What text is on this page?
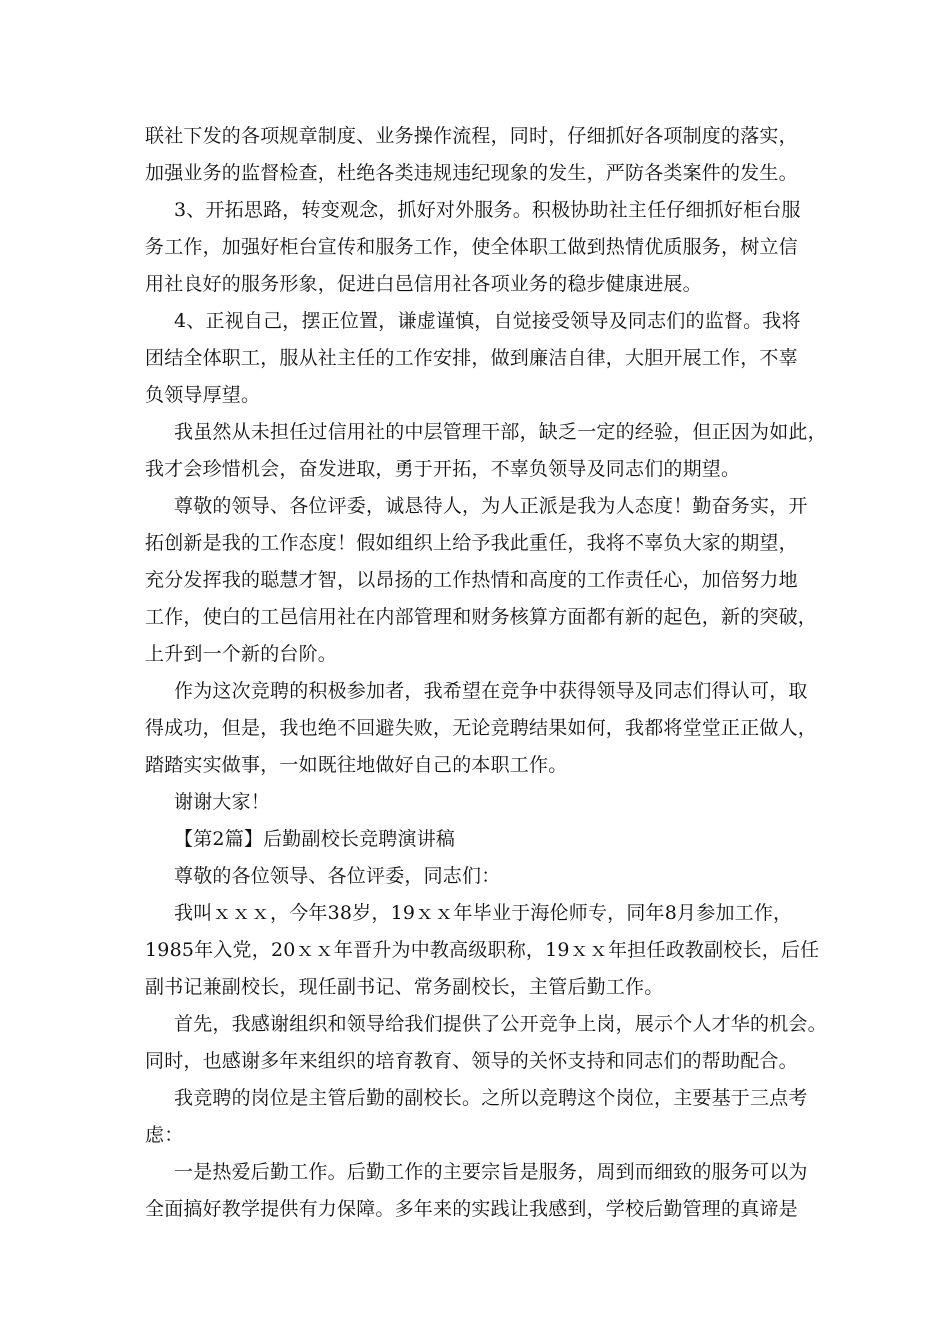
联社下发的各项规章制度、业务操作流程，同时，仔细抓好各项制度的落实，
加强业务的监督检查，杜绝各类违规违纪现象的发生，严防各类案件的发生。
3、开拓思路，转变观念，抓好对外服务。积极协助社主任仔细抓好柜台服
务工作，加强好柜台宣传和服务工作，使全体职工做到热情优质服务，树立信
用社良好的服务形象，促进白邑信用社各项业务的稳步健康进展。
4、正视自己，摆正位置，谦虚谨慎，自觉接受领导及同志们的监督。我将
团结全体职工，服从社主任的工作安排，做到廉洁自律，大胆开展工作，不辜
负领导厚望。
我虽然从未担任过信用社的中层管理干部，缺乏一定的经验，但正因为如此，
我才会珍惜机会，奋发进取，勇于开拓，不辜负领导及同志们的期望。
尊敬的领导、各位评委，诚恳待人，为人正派是我为人态度！勤奋务实，开
拓创新是我的工作态度！假如组织上给予我此重任，我将不辜负大家的期望，
充分发挥我的聪慧才智，以昂扬的工作热情和高度的工作责任心，加倍努力地
工作，使白的工邑信用社在内部管理和财务核算方面都有新的起色，新的突破，
上升到一个新的台阶。
作为这次竞聘的积极参加者，我希望在竞争中获得领导及同志们得认可，取
得成功，但是，我也绝不回避失败，无论竞聘结果如何，我都将堂堂正正做人，
踏踏实实做事，一如既往地做好自己的本职工作。
谢谢大家！
【第2篇】后勤副校长竞聘演讲稿
尊敬的各位领导、各位评委，同志们：
我叫ｘｘｘ，今年38岁，19ｘｘ年毕业于海伦师专，同年8月参加工作，
1985年入党，20ｘｘ年晋升为中教高级职称，19ｘｘ年担任政教副校长，后任
副书记兼副校长，现任副书记、常务副校长，主管后勤工作。
首先，我感谢组织和领导给我们提供了公开竞争上岗，展示个人才华的机会。
同时，也感谢多年来组织的培育教育、领导的关怀支持和同志们的帮助配合。
我竞聘的岗位是主管后勤的副校长。之所以竞聘这个岗位，主要基于三点考
虑：
一是热爱后勤工作。后勤工作的主要宗旨是服务，周到而细致的服务可以为
全面搞好教学提供有力保障。多年来的实践让我感到，学校后勤管理的真谛是
